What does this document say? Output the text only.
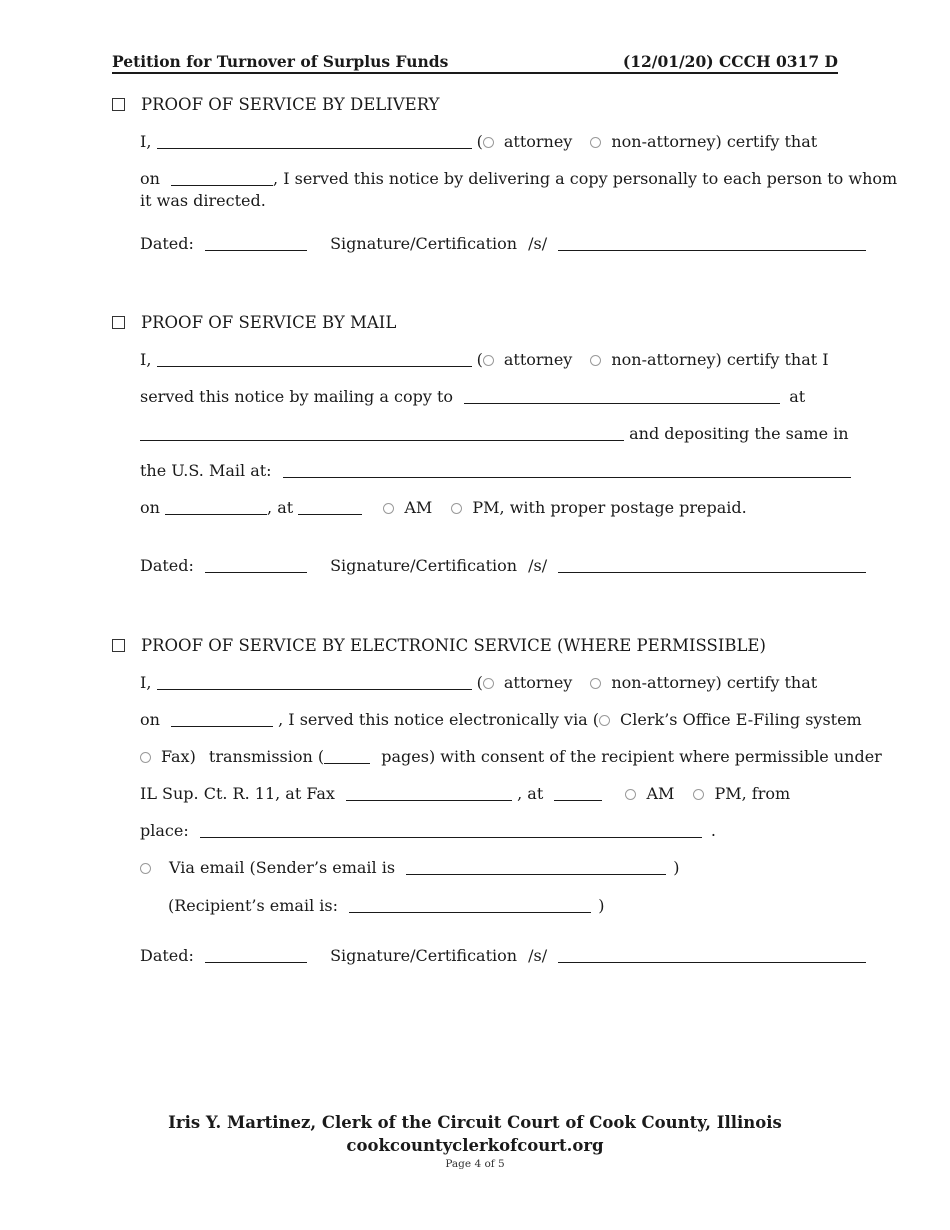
Petition for Turnover of Surplus Funds	(12/01/20) CCCH 0317 D
PROOF OF SERVICE BY DELIVERY
I,	( attorney non-attorney) certify that
on	, I served this notice by delivering a copy personally to each person to whom
it was directed.
Dated:	Signature/Certification /s/
PROOF OF SERVICE BY MAIL
I,	( attorney non-attorney) certify that I
served this notice by mailing a copy to	at
and depositing the same in
the U.S. Mail at:
on	, at	AM	PM, with proper postage prepaid.
Dated:	Signature/Certification /s/
PROOF OF SERVICE BY ELECTRONIC SERVICE (WHERE PERMISSIBLE)
I,	( attorney non-attorney) certify that
on	, I served this notice electronically via ( Clerk’s Office E-Filing system
Fax) transmission (	pages) with consent of the recipient where permissible under
IL Sup. Ct. R. 11, at Fax	, at	AM	PM, from
place:	.
Via email (Sender’s email is	)
(Recipient’s email is:	)
Dated:	Signature/Certification /s/
Iris Y. Martinez, Clerk of the Circuit Court of Cook County, Illinois
cookcountyclerkofcourt.org
Page 4 of 5
